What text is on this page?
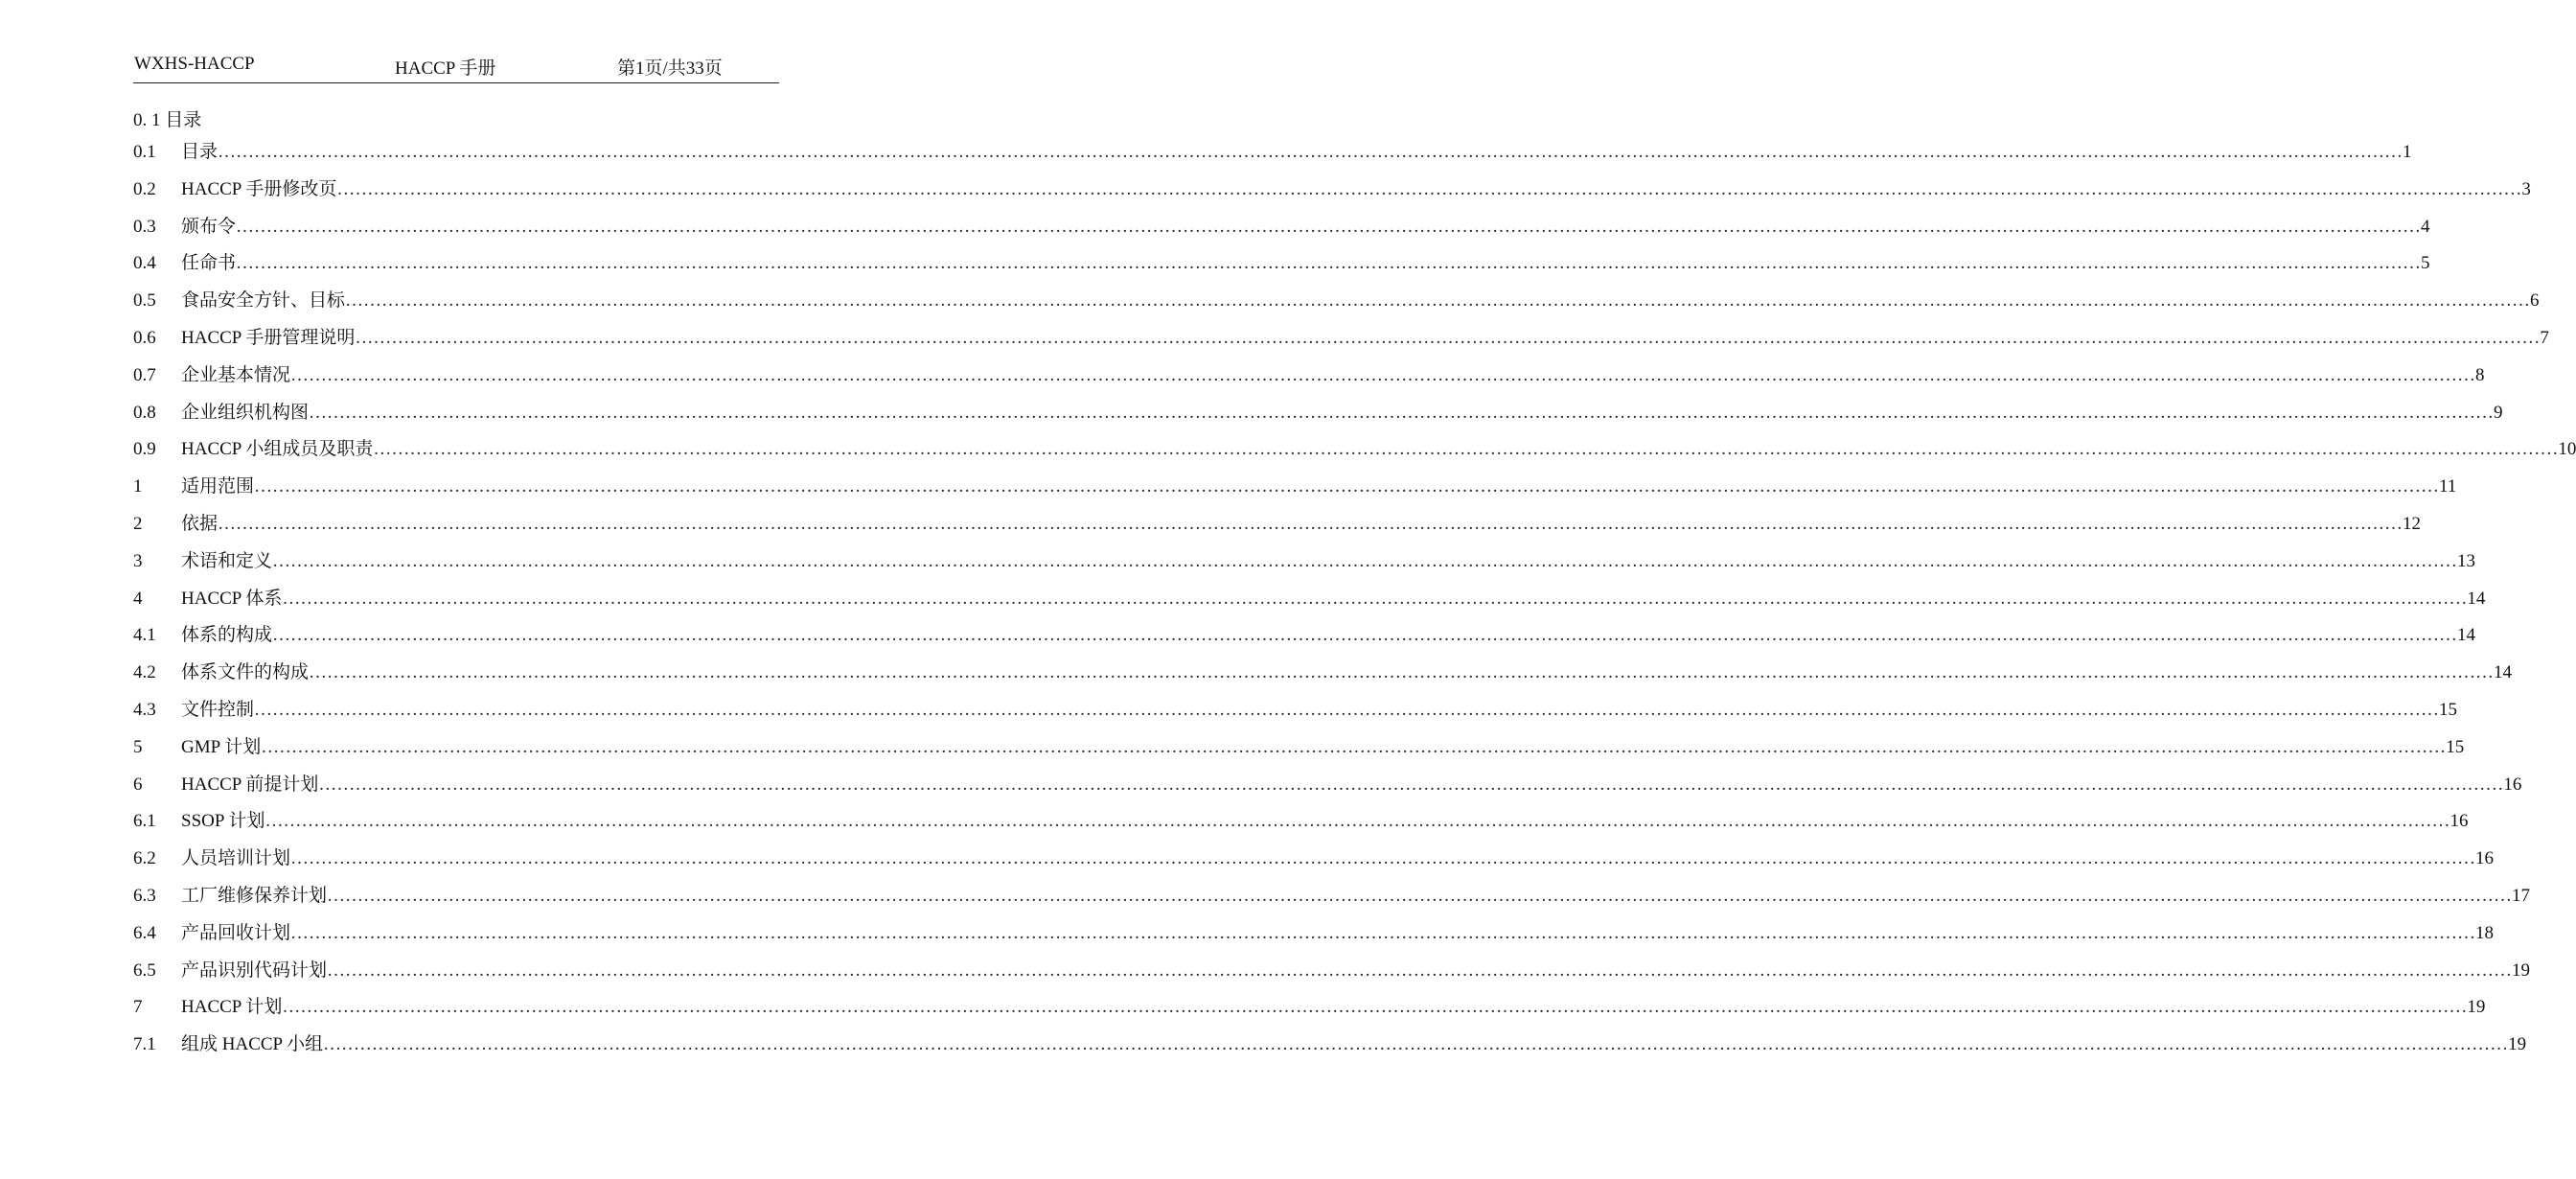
WXHS-HACCP	HACCP 手册	第1页/共33页
0. 1 目录
0.1	目录 ……………………………………………………………………………………………………………………………………………………………………………………………………………………………………………………………………………………………………………………………… 1
0.2	HACCP 手册修改页 ……………………………………………………………………………………………………………………………………………………………………………………………………………………………………………………………………………………………………………………………… 3
0.3	颁布令 ……………………………………………………………………………………………………………………………………………………………………………………………………………………………………………………………………………………………………………………………… 4
0.4	任命书 ……………………………………………………………………………………………………………………………………………………………………………………………………………………………………………………………………………………………………………………………… 5
0.5	食品安全方针、目标 ……………………………………………………………………………………………………………………………………………………………………………………………………………………………………………………………………………………………………………………………… 6
0.6	HACCP 手册管理说明 ……………………………………………………………………………………………………………………………………………………………………………………………………………………………………………………………………………………………………………………………… 7
0.7	企业基本情况 ……………………………………………………………………………………………………………………………………………………………………………………………………………………………………………………………………………………………………………………………… 8
0.8	企业组织机构图 ……………………………………………………………………………………………………………………………………………………………………………………………………………………………………………………………………………………………………………………………… 9
0.9	HACCP 小组成员及职责 ……………………………………………………………………………………………………………………………………………………………………………………………………………………………………………………………………………………………………………………………… 10
1	适用范围 ……………………………………………………………………………………………………………………………………………………………………………………………………………………………………………………………………………………………………………………………… 11
2	依据 ……………………………………………………………………………………………………………………………………………………………………………………………………………………………………………………………………………………………………………………………… 12
3	术语和定义 ……………………………………………………………………………………………………………………………………………………………………………………………………………………………………………………………………………………………………………………………… 13
4	HACCP 体系 ……………………………………………………………………………………………………………………………………………………………………………………………………………………………………………………………………………………………………………………………… 14
4.1	体系的构成 ……………………………………………………………………………………………………………………………………………………………………………………………………………………………………………………………………………………………………………………………… 14
4.2	体系文件的构成 ……………………………………………………………………………………………………………………………………………………………………………………………………………………………………………………………………………………………………………………………… 14
4.3	文件控制 ……………………………………………………………………………………………………………………………………………………………………………………………………………………………………………………………………………………………………………………………… 15
5	GMP 计划 ……………………………………………………………………………………………………………………………………………………………………………………………………………………………………………………………………………………………………………………………… 15
6	HACCP 前提计划 ……………………………………………………………………………………………………………………………………………………………………………………………………………………………………………………………………………………………………………………………… 16
6.1	SSOP 计划 ……………………………………………………………………………………………………………………………………………………………………………………………………………………………………………………………………………………………………………………………… 16
6.2	人员培训计划 ……………………………………………………………………………………………………………………………………………………………………………………………………………………………………………………………………………………………………………………………… 16
6.3	工厂维修保养计划 ……………………………………………………………………………………………………………………………………………………………………………………………………………………………………………………………………………………………………………………………… 17
6.4	产品回收计划 ……………………………………………………………………………………………………………………………………………………………………………………………………………………………………………………………………………………………………………………………… 18
6.5	产品识别代码计划 ……………………………………………………………………………………………………………………………………………………………………………………………………………………………………………………………………………………………………………………………… 19
7	HACCP 计划 ……………………………………………………………………………………………………………………………………………………………………………………………………………………………………………………………………………………………………………………………… 19
7.1	组成 HACCP 小组 ……………………………………………………………………………………………………………………………………………………………………………………………………………………………………………………………………………………………………………………………… 19
